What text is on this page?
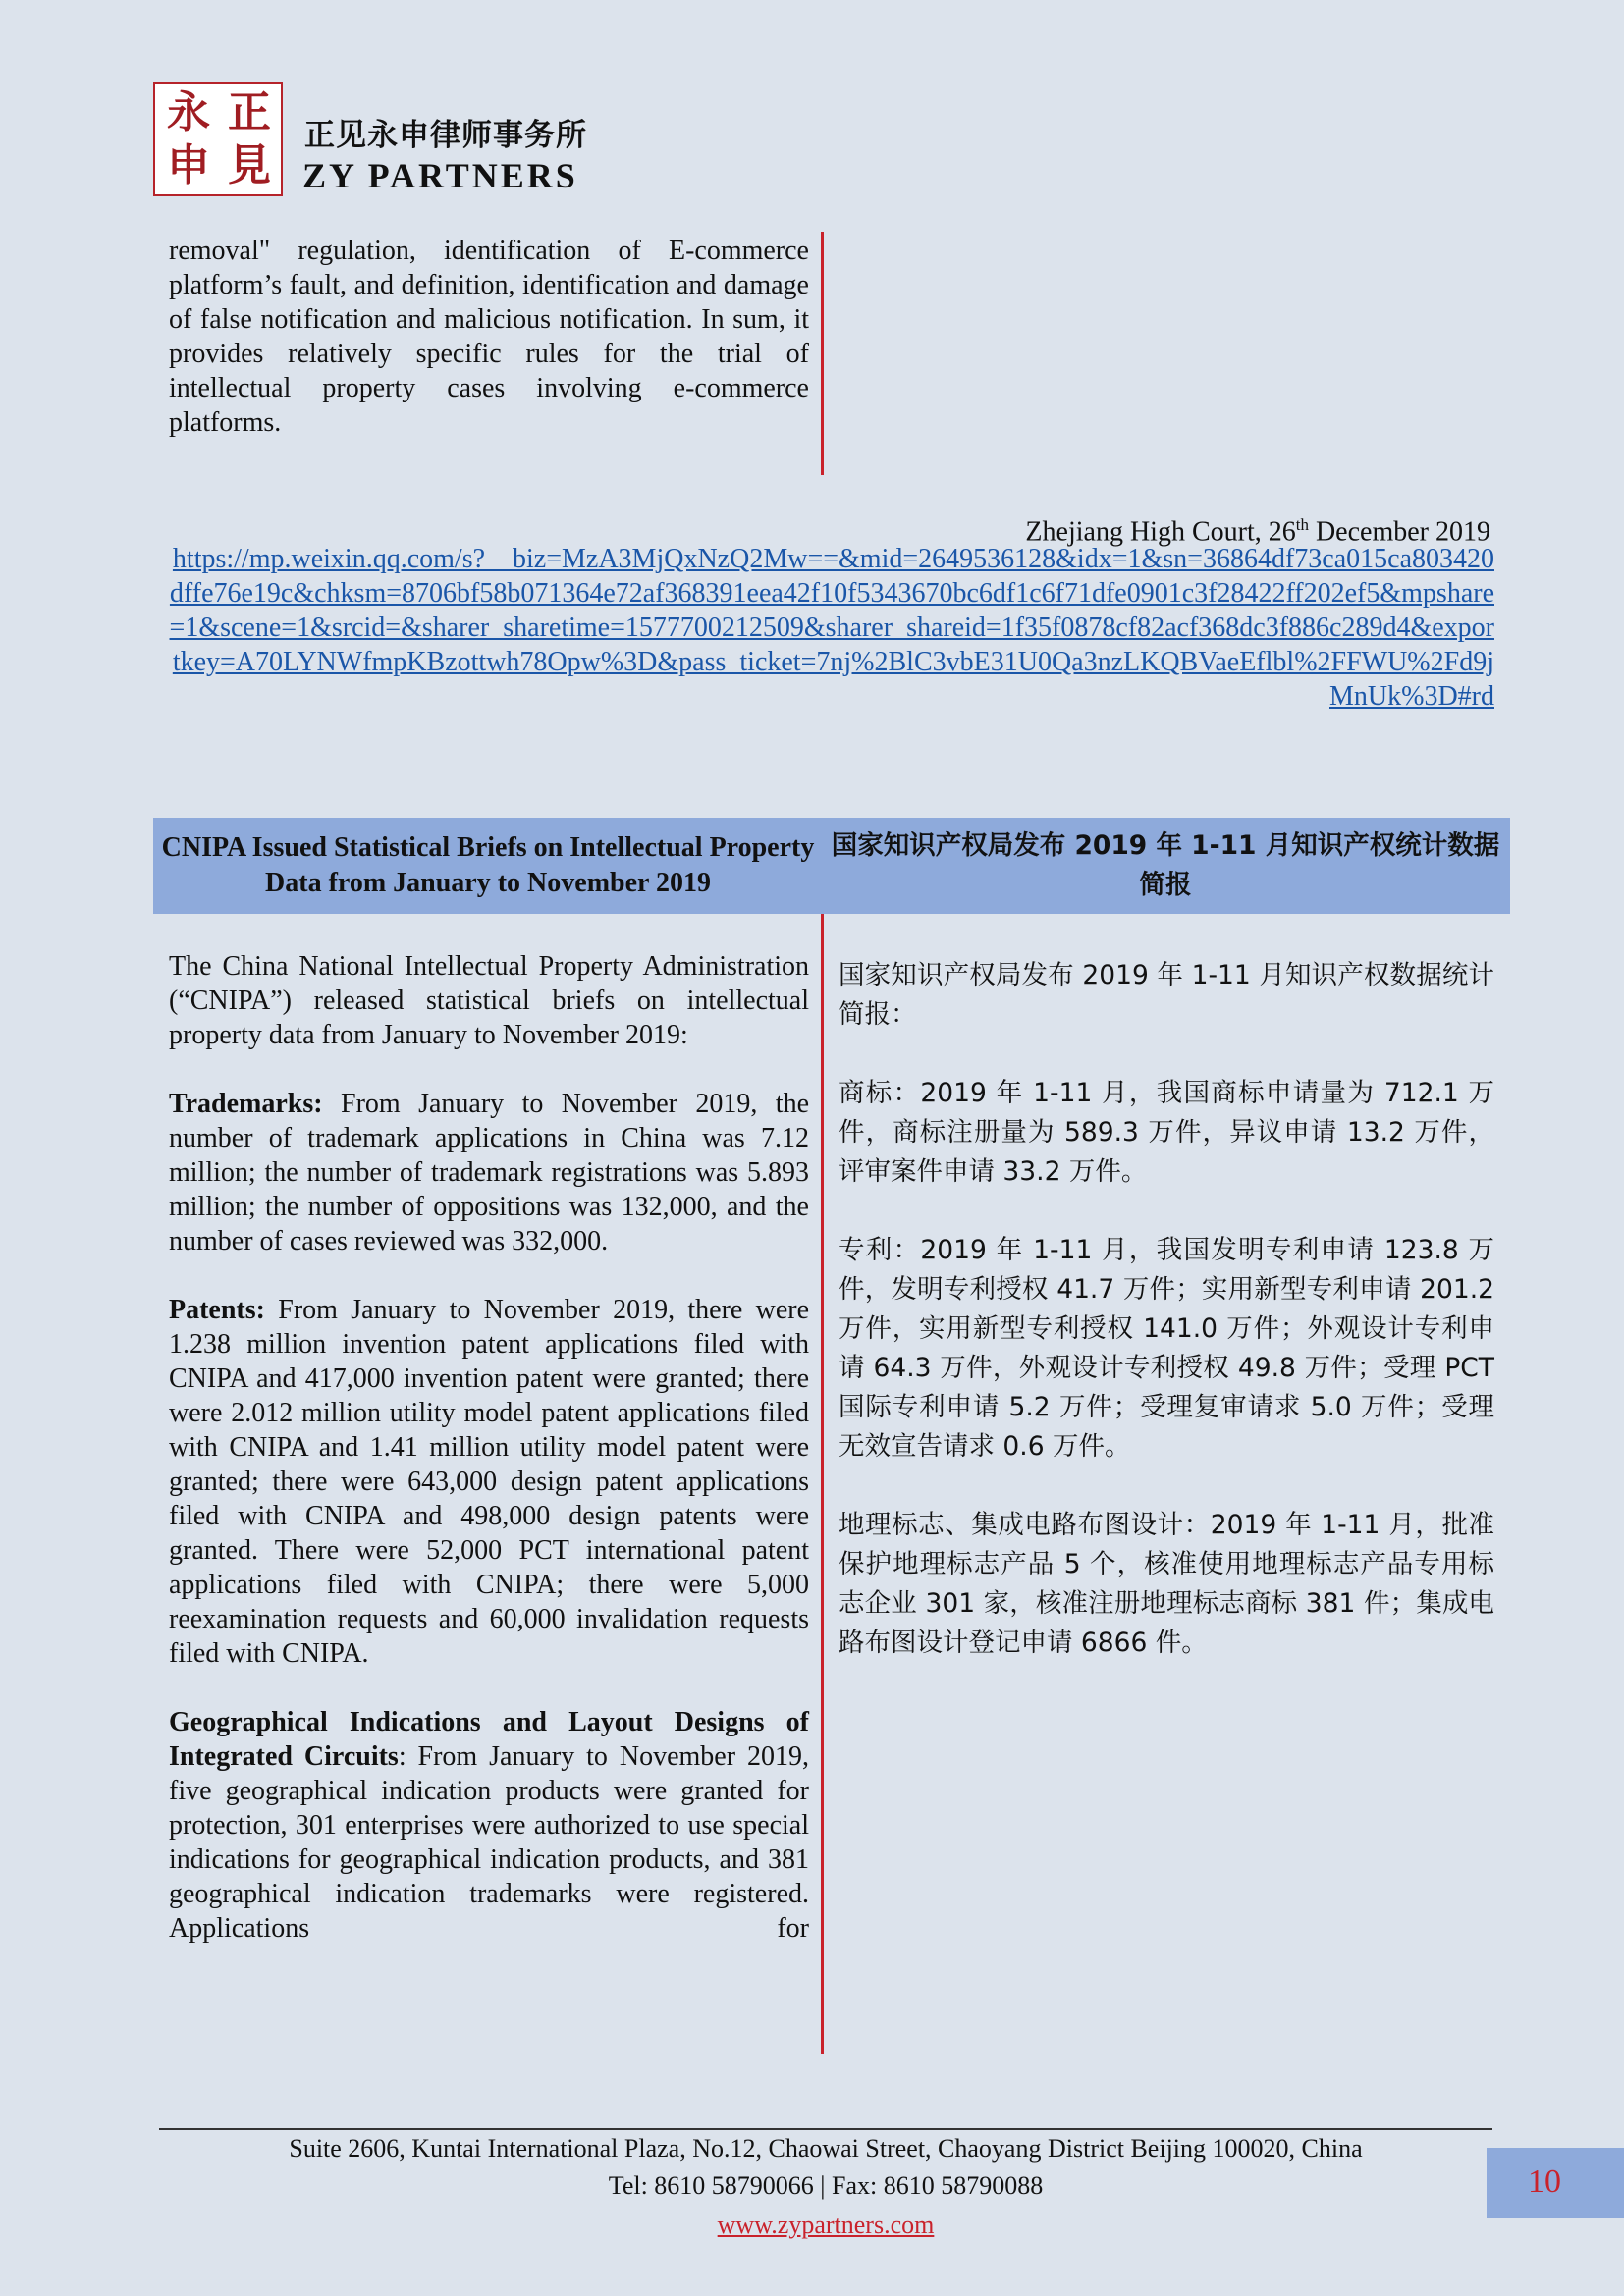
永 正
申 見
正见永申律师事务所
ZY PARTNERS
removal" regulation, identification of E-commerce platform’s fault, and definition, identification and damage of false notification and malicious notification. In sum, it provides relatively specific rules for the trial of intellectual property cases involving e-commerce platforms.
Zhejiang High Court, 26th December 2019
https://mp.weixin.qq.com/s?__biz=MzA3MjQxNzQ2Mw==&mid=2649536128&idx=1&sn=36864df73ca015ca803420dffe76e19c&chksm=8706bf58b071364e72af368391eea42f10f5343670bc6df1c6f71dfe0901c3f28422ff202ef5&mpshare=1&scene=1&srcid=&sharer_sharetime=1577700212509&sharer_shareid=1f35f0878cf82acf368dc3f886c289d4&exportkey=A70LYNWfmpKBzottwh78Opw%3D&pass_ticket=7nj%2BlC3vbE31U0Qa3nzLKQBVaeEflbl%2FFWU%2Fd9jMnUk%3D#rd
CNIPA Issued Statistical Briefs on Intellectual Property Data from January to November 2019
国家知识产权局发布 2019 年 1-11 月知识产权统计数据简报

The China National Intellectual Property Administration (“CNIPA”) released statistical briefs on intellectual property data from January to November 2019:

Trademarks: From January to November 2019, the number of trademark applications in China was 7.12 million; the number of trademark registrations was 5.893 million; the number of oppositions was 132,000, and the number of cases reviewed was 332,000.

Patents: From January to November 2019, there were 1.238 million invention patent applications filed with CNIPA and 417,000 invention patent were granted; there were 2.012 million utility model patent applications filed with CNIPA and 1.41 million utility model patent were granted; there were 643,000 design patent applications filed with CNIPA and 498,000 design patents were granted. There were 52,000 PCT international patent applications filed with CNIPA; there were 5,000 reexamination requests and 60,000 invalidation requests filed with CNIPA.

Geographical Indications and Layout Designs of Integrated Circuits: From January to November 2019, five geographical indication products were granted for protection, 301 enterprises were authorized to use special indications for geographical indication products, and 381 geographical indication trademarks were registered. Applications for

国家知识产权局发布 2019 年 1-11 月知识产权数据统计简报：

商标：2019 年 1-11 月，我国商标申请量为 712.1 万件，商标注册量为 589.3 万件，异议申请 13.2 万件，评审案件申请 33.2 万件。

专利：2019 年 1-11 月，我国发明专利申请 123.8 万件，发明专利授权 41.7 万件；实用新型专利申请 201.2 万件，实用新型专利授权 141.0 万件；外观设计专利申请 64.3 万件，外观设计专利授权 49.8 万件；受理 PCT 国际专利申请 5.2 万件；受理复审请求 5.0 万件；受理无效宣告请求 0.6 万件。

地理标志、集成电路布图设计：2019 年 1-11 月，批准保护地理标志产品 5 个，核准使用地理标志产品专用标志企业 301 家，核准注册地理标志商标 381 件；集成电路布图设计登记申请 6866 件。

Suite 2606, Kuntai International Plaza, No.12, Chaowai Street, Chaoyang District Beijing 100020, China
Tel: 8610 58790066 | Fax: 8610 58790088
www.zypartners.com
10
